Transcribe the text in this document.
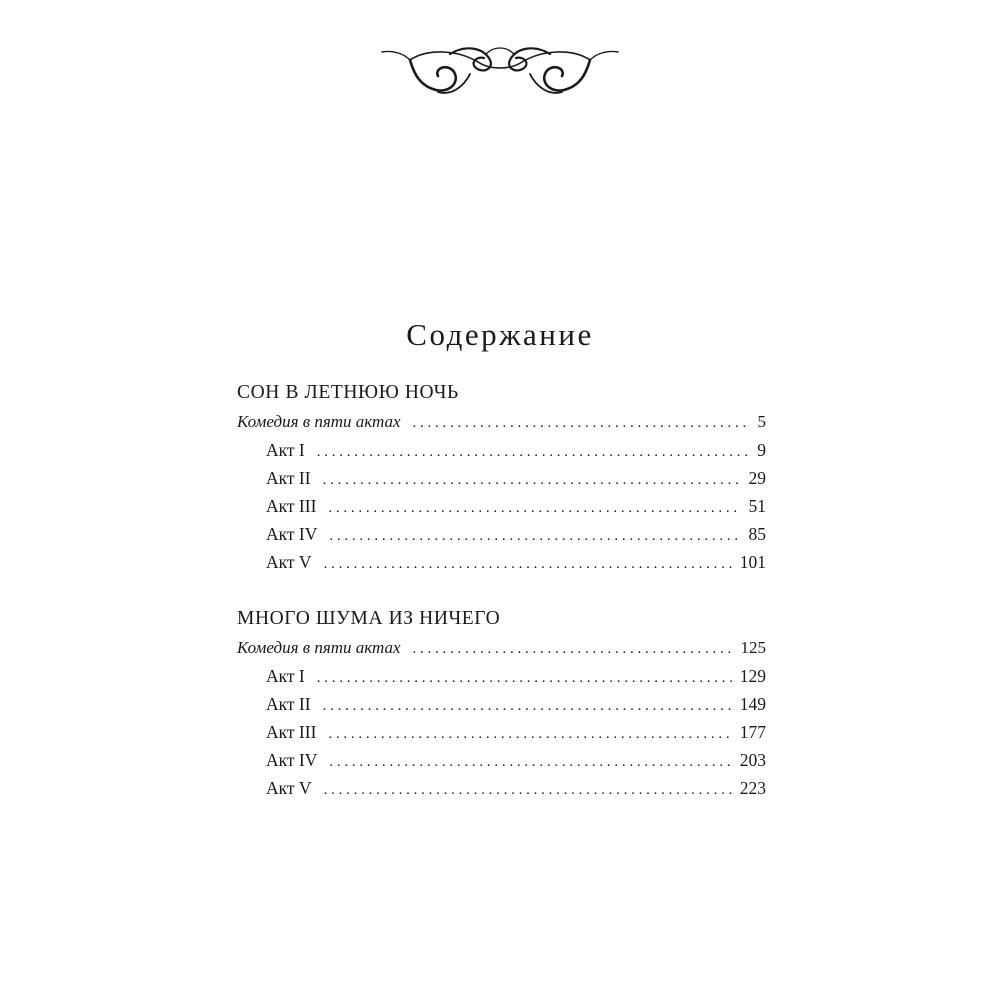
Содержание
СОН В ЛЕТНЮЮ НОЧЬ
Комедия в пяти актах . . .	5
Акт I . . .	9
Акт II . . .	29
Акт III . . .	51
Акт IV . . .	85
Акт V . . .	101
МНОГО ШУМА ИЗ НИЧЕГО
Комедия в пяти актах . . .	125
Акт I . . .	129
Акт II . . .	149
Акт III . . .	177
Акт IV . . .	203
Акт V . . .	223
